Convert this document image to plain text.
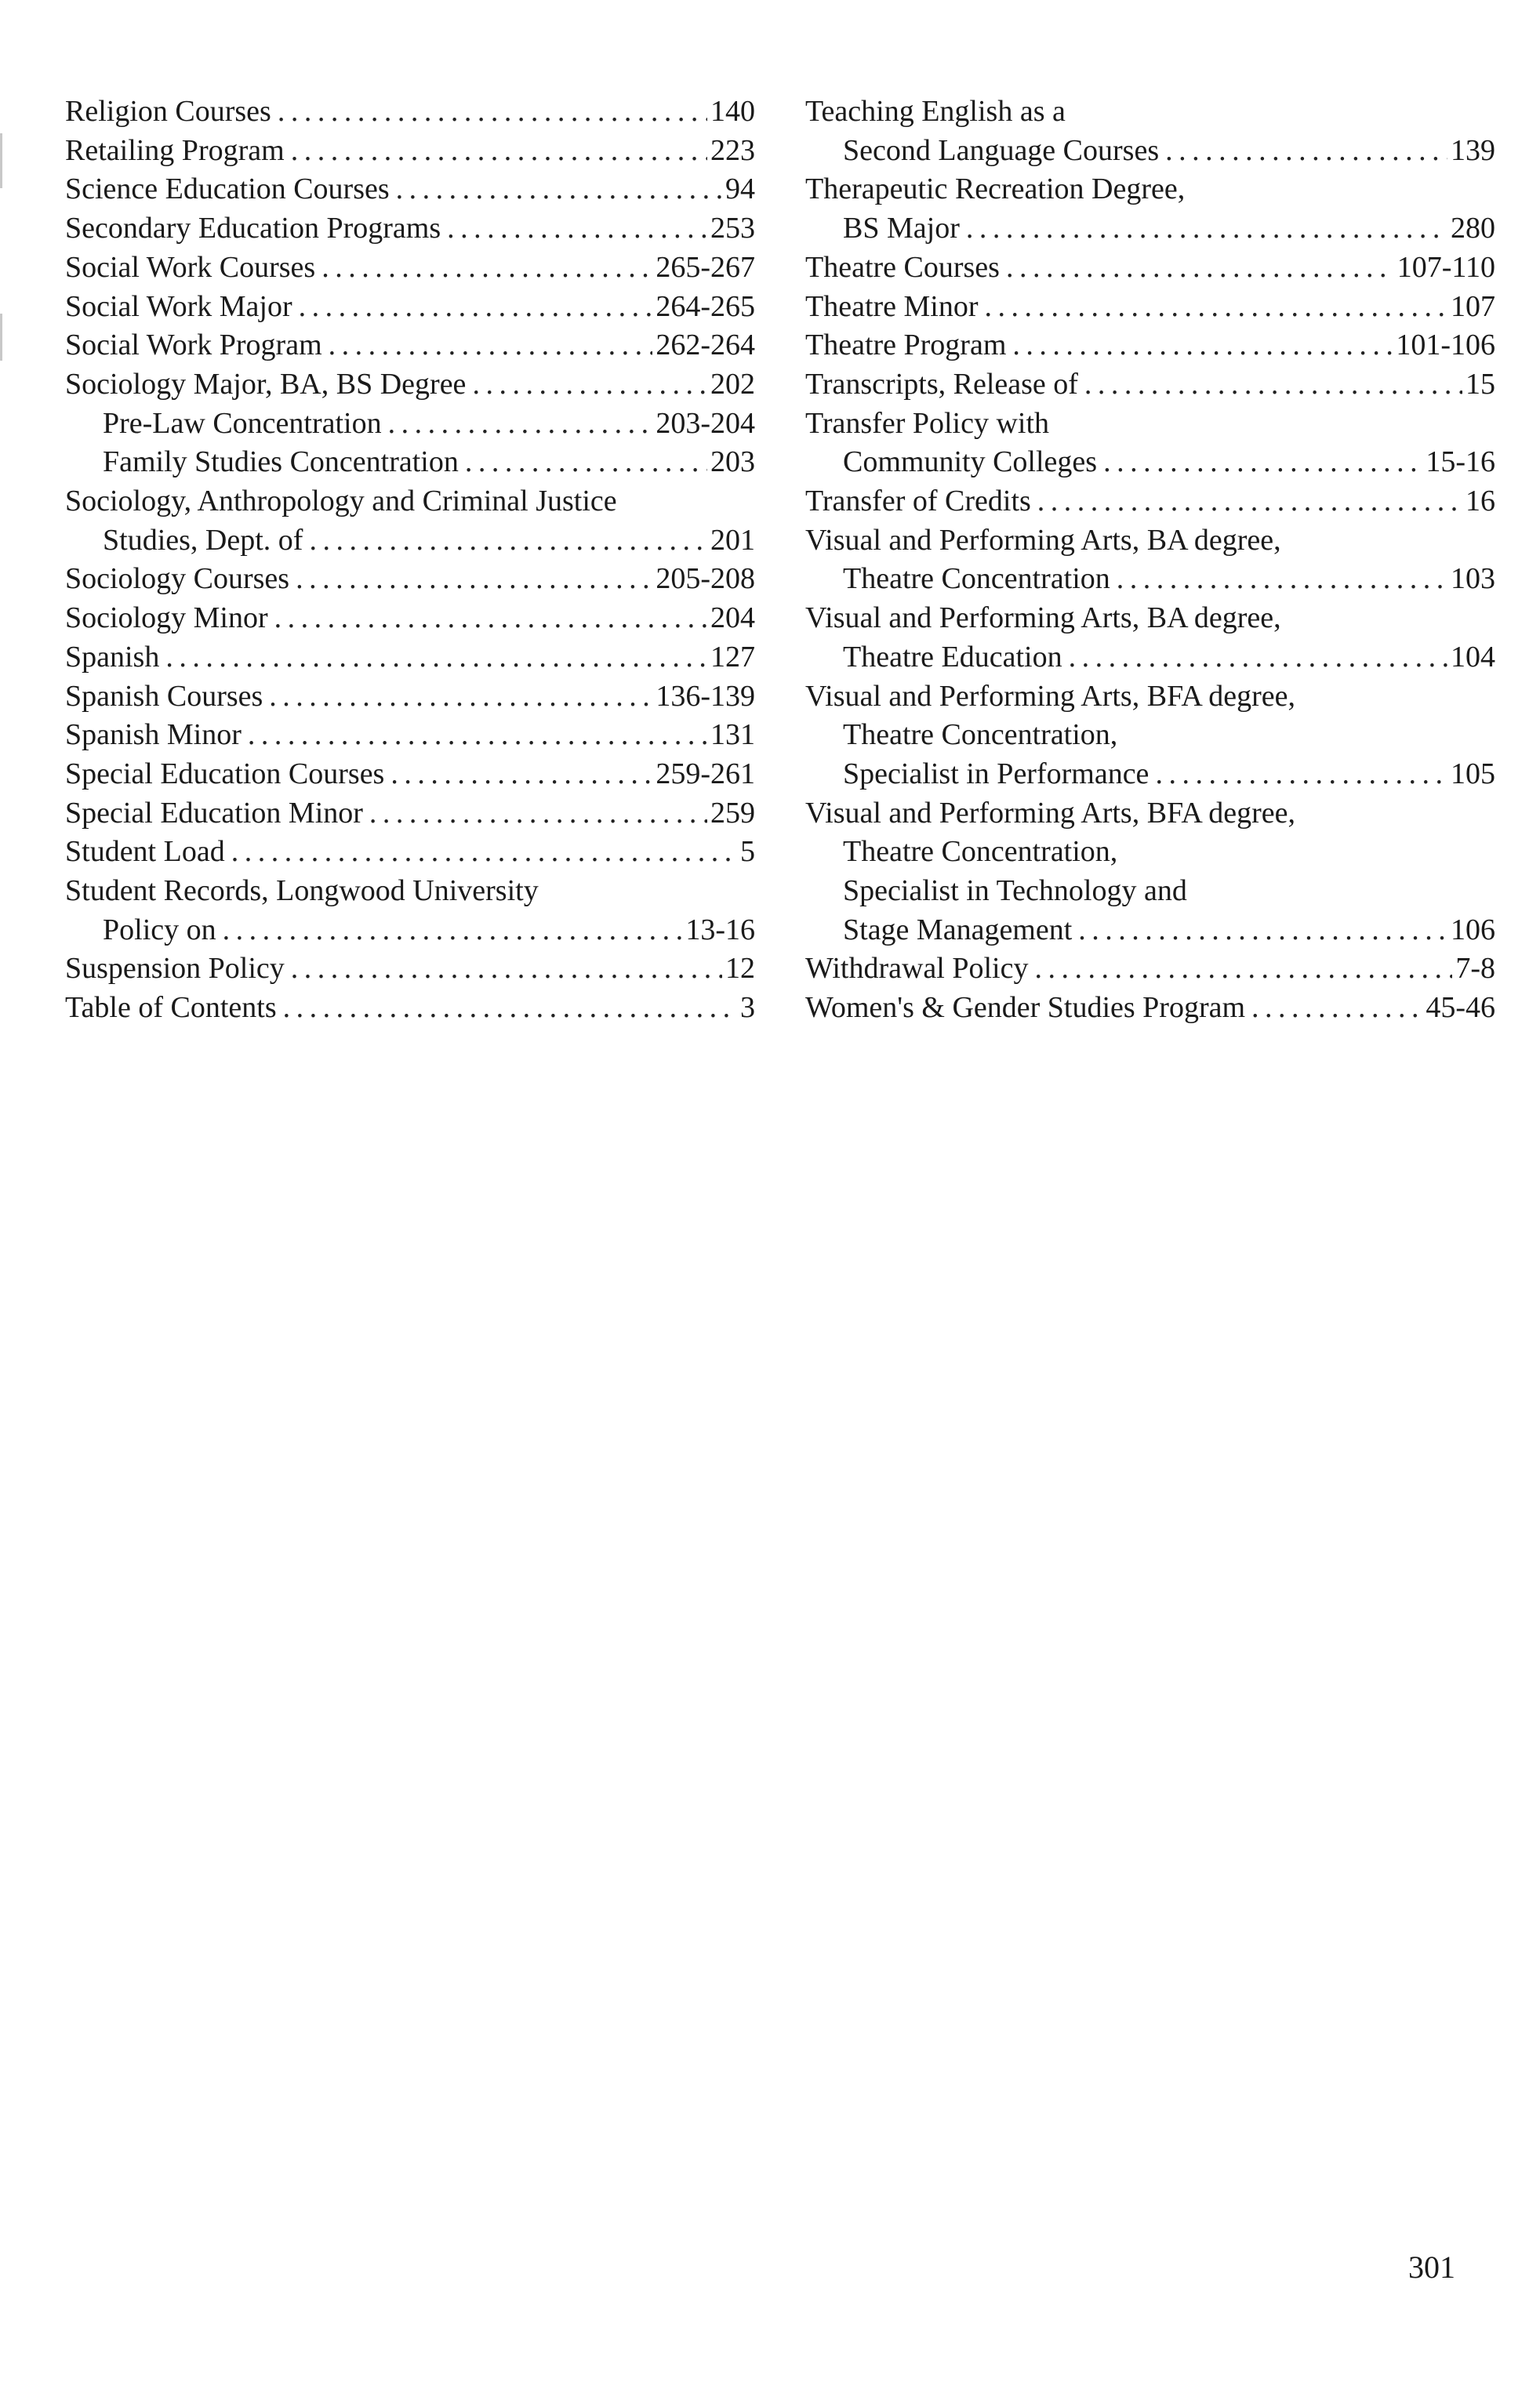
Religion Courses . . .	140
Retailing Program . . .	223
Science Education Courses . . .	94
Secondary Education Programs . . .	253
Social Work Courses . . .	265-267
Social Work Major . . .	264-265
Social Work Program . . .	262-264
Sociology Major, BA, BS Degree . . .	202
Pre-Law Concentration . . .	203-204
Family Studies Concentration . . .	203
Sociology, Anthropology and Criminal Justice
Studies, Dept. of . . .	201
Sociology Courses . . .	205-208
Sociology Minor . . .	204
Spanish . . .	127
Spanish Courses . . .	136-139
Spanish Minor . . .	131
Special Education Courses . . .	259-261
Special Education Minor . . .	259
Student Load . . .	5
Student Records, Longwood University
Policy on . . .	13-16
Suspension Policy . . .	12
Table of Contents . . .	3
Teaching English as a
Second Language Courses . . .	139
Therapeutic Recreation Degree,
BS Major . . .	280
Theatre Courses . . .	107-110
Theatre Minor . . .	107
Theatre Program . . .	101-106
Transcripts, Release of . . .	15
Transfer Policy with
Community Colleges . . .	15-16
Transfer of Credits . . .	16
Visual and Performing Arts, BA degree,
Theatre Concentration . . .	103
Visual and Performing Arts, BA degree,
Theatre Education . . .	104
Visual and Performing Arts, BFA degree,
Theatre Concentration,
Specialist in Performance . . .	105
Visual and Performing Arts, BFA degree,
Theatre Concentration,
Specialist in Technology and
Stage Management . . .	106
Withdrawal Policy . . .	7-8
Women's & Gender Studies Program . . .	45-46
301
